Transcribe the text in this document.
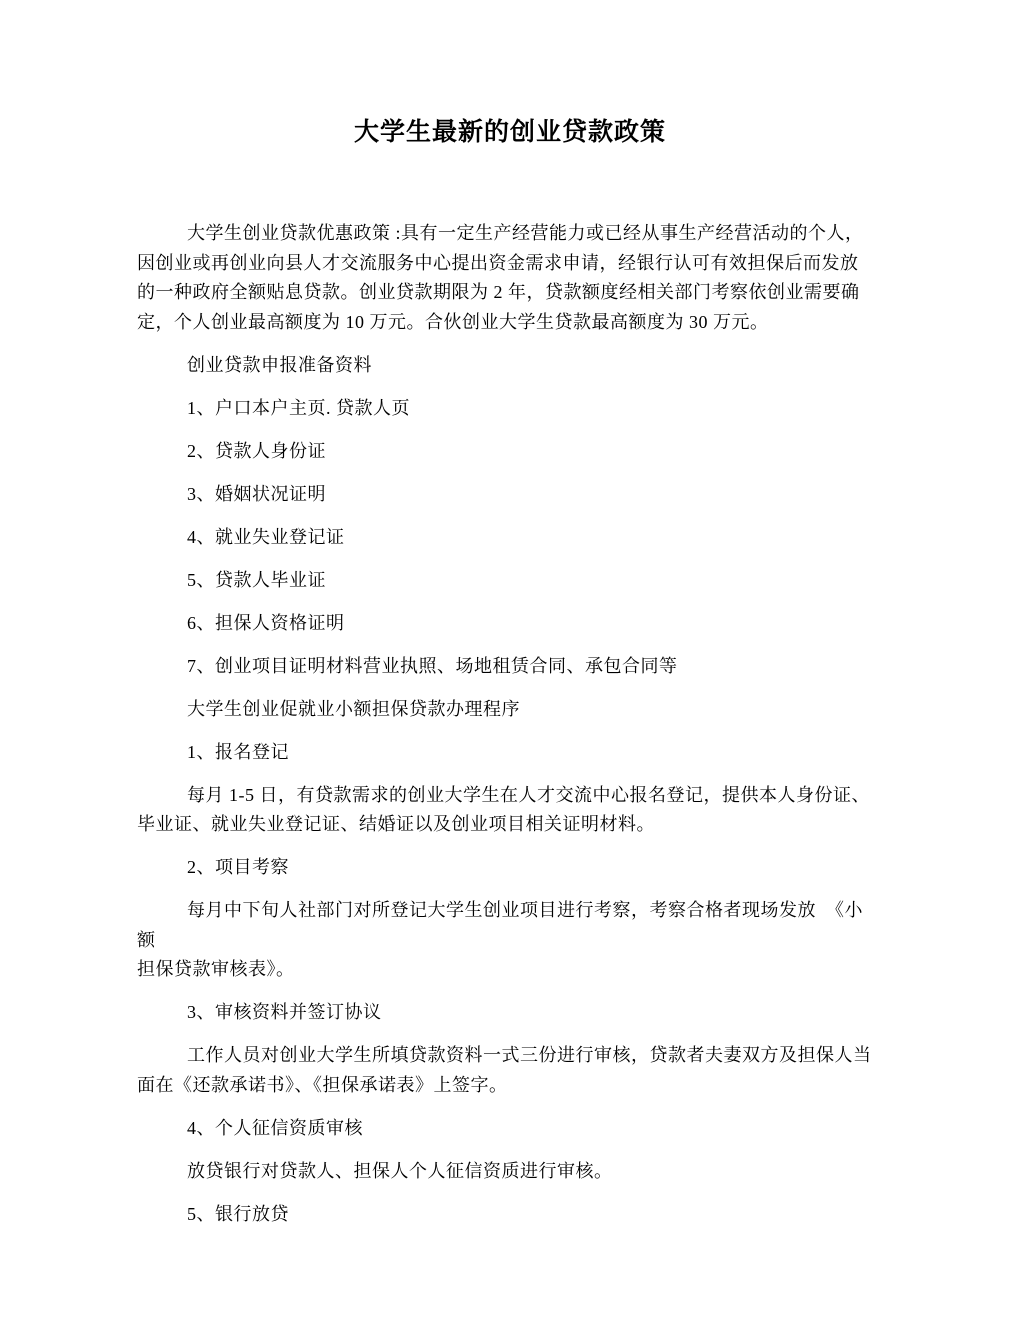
大学生最新的创业贷款政策
大学生创业贷款优惠政策 :具有一定生产经营能力或已经从事生产经营活动的个人，
因创业或再创业向县人才交流服务中心提出资金需求申请，经银行认可有效担保后而发放
的一种政府全额贴息贷款。创业贷款期限为 2 年，贷款额度经相关部门考察依创业需要确
定，个人创业最高额度为 10 万元。合伙创业大学生贷款最高额度为 30 万元。
创业贷款申报准备资料
1、户口本户主页. 贷款人页
2、贷款人身份证
3、婚姻状况证明
4、就业失业登记证
5、贷款人毕业证
6、担保人资格证明
7、创业项目证明材料营业执照、场地租赁合同、承包合同等
大学生创业促就业小额担保贷款办理程序
1、报名登记
每月 1-5 日，有贷款需求的创业大学生在人才交流中心报名登记，提供本人身份证、
毕业证、就业失业登记证、结婚证以及创业项目相关证明材料。
2、项目考察
每月中下旬人社部门对所登记大学生创业项目进行考察，考察合格者现场发放  《小额
担保贷款审核表》。
3、审核资料并签订协议
工作人员对创业大学生所填贷款资料一式三份进行审核，贷款者夫妻双方及担保人当
面在《还款承诺书》、《担保承诺表》上签字。
4、个人征信资质审核
放贷银行对贷款人、担保人个人征信资质进行审核。
5、银行放贷
